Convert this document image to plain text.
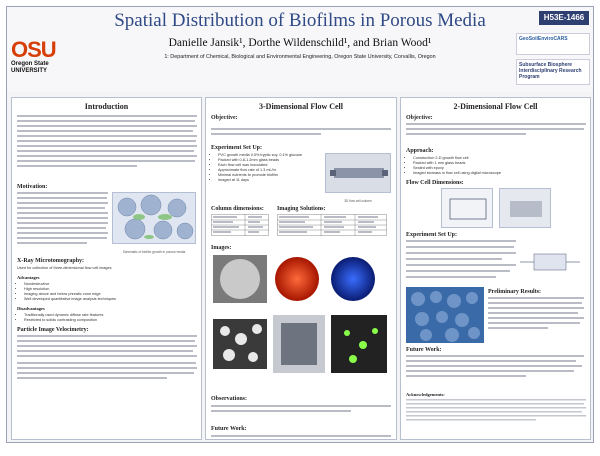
Spatial Distribution of Biofilms in Porous Media
Danielle Jansik¹, Dorthe Wildenschild¹, and Brian Wood¹
1: Department of Chemical, Biological and Environmental Engineering, Oregon State University, Corvallis, Oregon
H53E-1466
OSU
Oregon State
UNIVERSITY
GeoSoilEnviroCARS
Subsurface Biosphere Interdisciplinary Research Program
Introduction
Motivation:
Schematic of biofilm growth in porous media
X-Ray Microtomography:
Used for collection of three-dimensional flow cell images
Advantages
• Nondestructive
• High resolution
• Imaging above and below phreatic zone edge
• Well developed quantitative image analysis techniques
Disadvantages
• Traditionally used dynamic diffuse rate features
• Restricted to solids contrasting composition
Particle Image Velocimetry:
3-Dimensional Flow Cell
Objective:
Experiment Set Up:
• PVC growth media 0.5% tryptic soy, 0.1% glucose
• Packed with 0.8-1.2mm glass beads
• Each flow cell was inoculated
• Approximate flow rate of 1.3 mL/hr
• Minimal nutrients to promote biofilm
• Imaged at 11 days
3D flow cell column
Column dimensions:	Imaging Solutions:
Images:
Observations:
Future Work:
2-Dimensional Flow Cell
Objective:
Approach:
• Construction 2-D growth flow cell
• Packed with 1 mm glass beads
• Sealed with epoxy
• Imaged biomass in flow cell using digital microscope
Flow Cell Dimensions:
Experiment Set Up:
Preliminary Results:
Future Work:
Acknowledgements:
